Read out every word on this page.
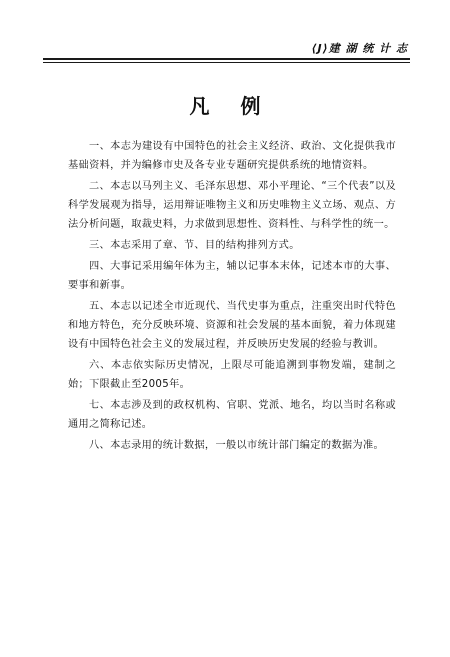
⟨J⟩建 湖 统 计 志
凡 例

一、本志为建设有中国特色的社会主义经济、政治、文化提供我市基础资料，并为编修市史及各专业专题研究提供系统的地情资料。

二、本志以马列主义、毛泽东思想、邓小平理论、“三个代表”以及科学发展观为指导，运用辩证唯物主义和历史唯物主义立场、观点、方法分析问题，取裁史料，力求做到思想性、资料性、与科学性的统一。

三、本志采用了章、节、目的结构排列方式。

四、大事记采用编年体为主，辅以记事本末体，记述本市的大事、要事和新事。

五、本志以记述全市近现代、当代史事为重点，注重突出时代特色和地方特色，充分反映环境、资源和社会发展的基本面貌，着力体现建设有中国特色社会主义的发展过程，并反映历史发展的经验与教训。

六、本志依实际历史情况，上限尽可能追溯到事物发端，建制之始；下限截止至2005年。

七、本志涉及到的政权机构、官职、党派、地名，均以当时名称或通用之简称记述。

八、本志录用的统计数据，一般以市统计部门编定的数据为准。
